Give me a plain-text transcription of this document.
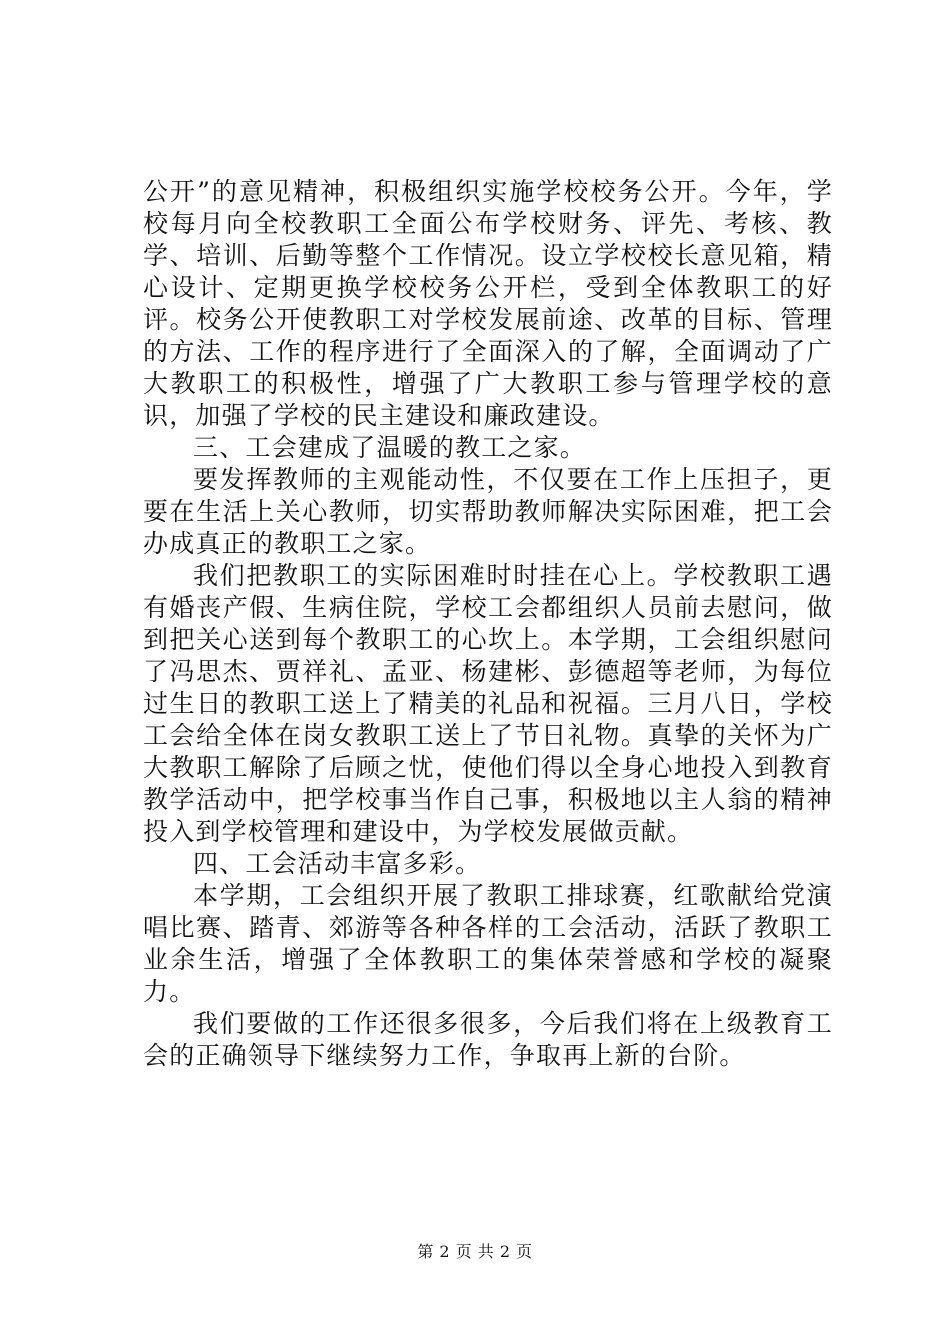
公开”的意见精神，积极组织实施学校校务公开。今年，学校每月向全校教职工全面公布学校财务、评先、考核、教学、培训、后勤等整个工作情况。设立学校校长意见箱，精心设计、定期更换学校校务公开栏，受到全体教职工的好评。校务公开使教职工对学校发展前途、改革的目标、管理的方法、工作的程序进行了全面深入的了解，全面调动了广大教职工的积极性，增强了广大教职工参与管理学校的意识，加强了学校的民主建设和廉政建设。

三、工会建成了温暖的教工之家。

要发挥教师的主观能动性，不仅要在工作上压担子，更要在生活上关心教师，切实帮助教师解决实际困难，把工会办成真正的教职工之家。

我们把教职工的实际困难时时挂在心上。学校教职工遇有婚丧产假、生病住院，学校工会都组织人员前去慰问，做到把关心送到每个教职工的心坎上。本学期，工会组织慰问了冯思杰、贾祥礼、孟亚、杨建彬、彭德超等老师，为每位过生日的教职工送上了精美的礼品和祝福。三月八日，学校工会给全体在岗女教职工送上了节日礼物。真挚的关怀为广大教职工解除了后顾之忧，使他们得以全身心地投入到教育教学活动中，把学校事当作自己事，积极地以主人翁的精神投入到学校管理和建设中，为学校发展做贡献。

四、工会活动丰富多彩。

本学期，工会组织开展了教职工排球赛，红歌献给党演唱比赛、踏青、郊游等各种各样的工会活动，活跃了教职工业余生活，增强了全体教职工的集体荣誉感和学校的凝聚力。

我们要做的工作还很多很多，今后我们将在上级教育工会的正确领导下继续努力工作，争取再上新的台阶。

第 2 页 共 2 页
